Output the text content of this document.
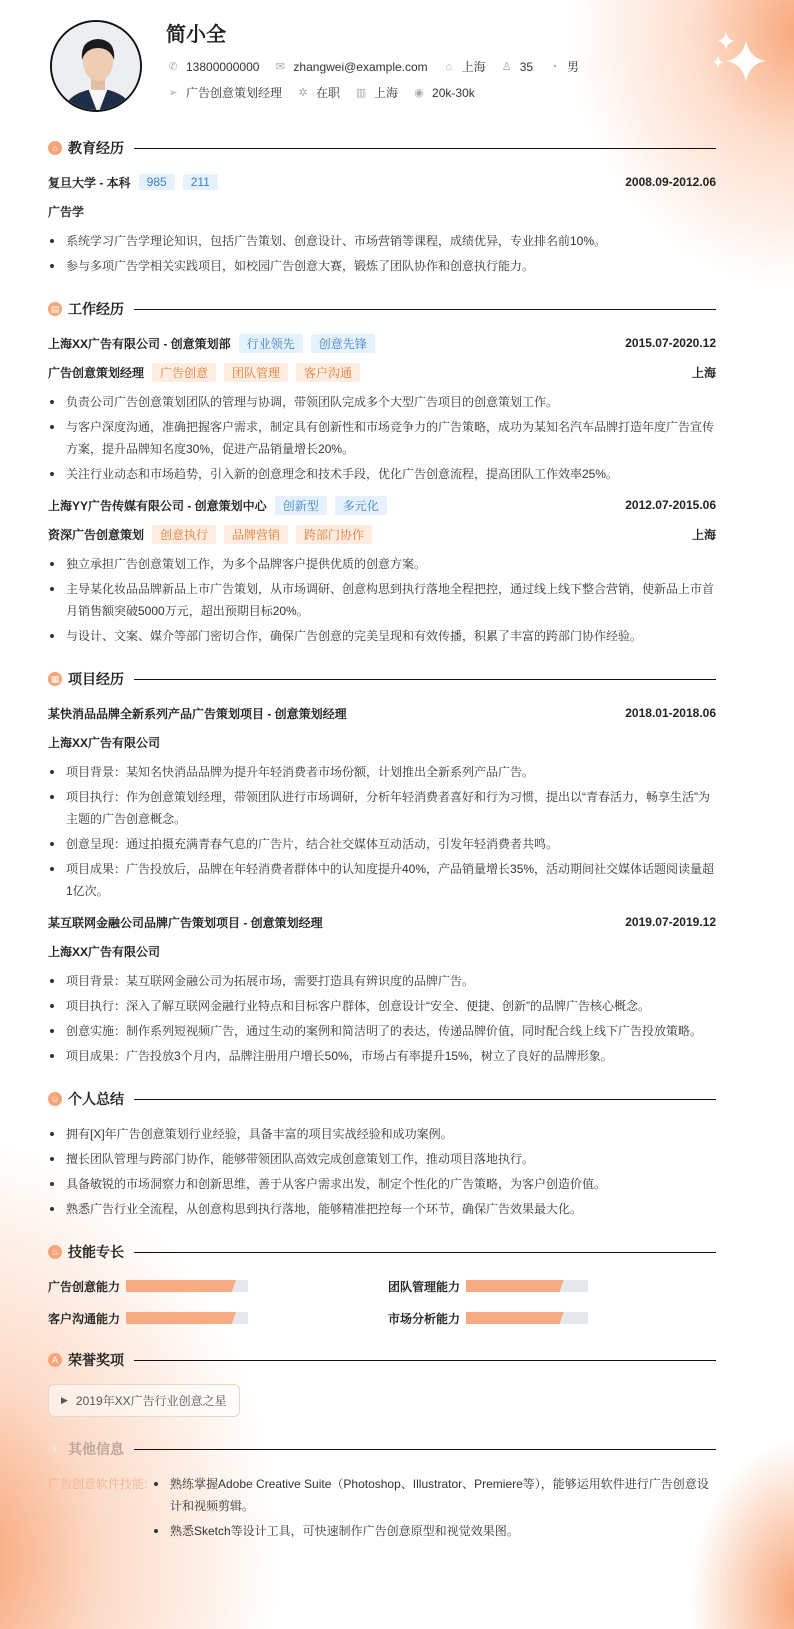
简小全
✆ 13800000000 ✉ zhangwei@example.com	⌂ 上海 ♙ 35	◔ 男
➢ 广告创意策划经理 ✲ 在职 ▥ 上海 ◉ 20k-30k
⌂ 教育经历
复旦大学 - 本科	985	211	2008.09-2012.06
广告学
系统学习广告学理论知识，包括广告策划、创意设计、市场营销等课程，成绩优异，专业排名前10%。
参与多项广告学相关实践项目，如校园广告创意大赛，锻炼了团队协作和创意执行能力。
▤ 工作经历
上海XX广告有限公司 - 创意策划部	行业领先	创意先锋	2015.07-2020.12
广告创意策划经理	广告创意	团队管理	客户沟通	上海
负责公司广告创意策划团队的管理与协调，带领团队完成多个大型广告项目的创意策划工作。
与客户深度沟通，准确把握客户需求，制定具有创新性和市场竞争力的广告策略，成功为某知名汽车品牌打造年度广告宣传方案，提升品牌知名度30%，促进产品销量增长20%。
关注行业动态和市场趋势，引入新的创意理念和技术手段，优化广告创意流程，提高团队工作效率25%。
上海YY广告传媒有限公司 - 创意策划中心	创新型	多元化	2012.07-2015.06
资深广告创意策划	创意执行	品牌营销	跨部门协作	上海
独立承担广告创意策划工作，为多个品牌客户提供优质的创意方案。
主导某化妆品品牌新品上市广告策划，从市场调研、创意构思到执行落地全程把控，通过线上线下整合营销，使新品上市首月销售额突破5000万元，超出预期目标20%。
与设计、文案、媒介等部门密切合作，确保广告创意的完美呈现和有效传播，积累了丰富的跨部门协作经验。
▦ 项目经历
某快消品品牌全新系列产品广告策划项目 - 创意策划经理	2018.01-2018.06
上海XX广告有限公司
项目背景：某知名快消品品牌为提升年轻消费者市场份额，计划推出全新系列产品广告。
项目执行：作为创意策划经理，带领团队进行市场调研，分析年轻消费者喜好和行为习惯，提出以“青春活力，畅享生活”为主题的广告创意概念。
创意呈现：通过拍摄充满青春气息的广告片，结合社交媒体互动活动，引发年轻消费者共鸣。
项目成果：广告投放后，品牌在年轻消费者群体中的认知度提升40%，产品销量增长35%，活动期间社交媒体话题阅读量超1亿次。
某互联网金融公司品牌广告策划项目 - 创意策划经理	2019.07-2019.12
上海XX广告有限公司
项目背景：某互联网金融公司为拓展市场，需要打造具有辨识度的品牌广告。
项目执行：深入了解互联网金融行业特点和目标客户群体，创意设计“安全、便捷、创新”的品牌广告核心概念。
创意实施：制作系列短视频广告，通过生动的案例和简洁明了的表达，传递品牌价值，同时配合线上线下广告投放策略。
项目成果：广告投放3个月内，品牌注册用户增长50%，市场占有率提升15%，树立了良好的品牌形象。
☺ 个人总结
拥有[X]年广告创意策划行业经验，具备丰富的项目实战经验和成功案例。
擅长团队管理与跨部门协作，能够带领团队高效完成创意策划工作，推动项目落地执行。
具备敏锐的市场洞察力和创新思维，善于从客户需求出发，制定个性化的广告策略，为客户创造价值。
熟悉广告行业全流程，从创意构思到执行落地，能够精准把控每一个环节，确保广告效果最大化。
♨ 技能专长
广告创意能力	团队管理能力
客户沟通能力	市场分析能力
A 荣誉奖项
▶ 2019年XX广告行业创意之星
i 其他信息
广告创意软件技能:	熟练掌握Adobe Creative Suite（Photoshop、Illustrator、Premiere等），能够运用软件进行广告创意设计和视频剪辑。
熟悉Sketch等设计工具，可快速制作广告创意原型和视觉效果图。
